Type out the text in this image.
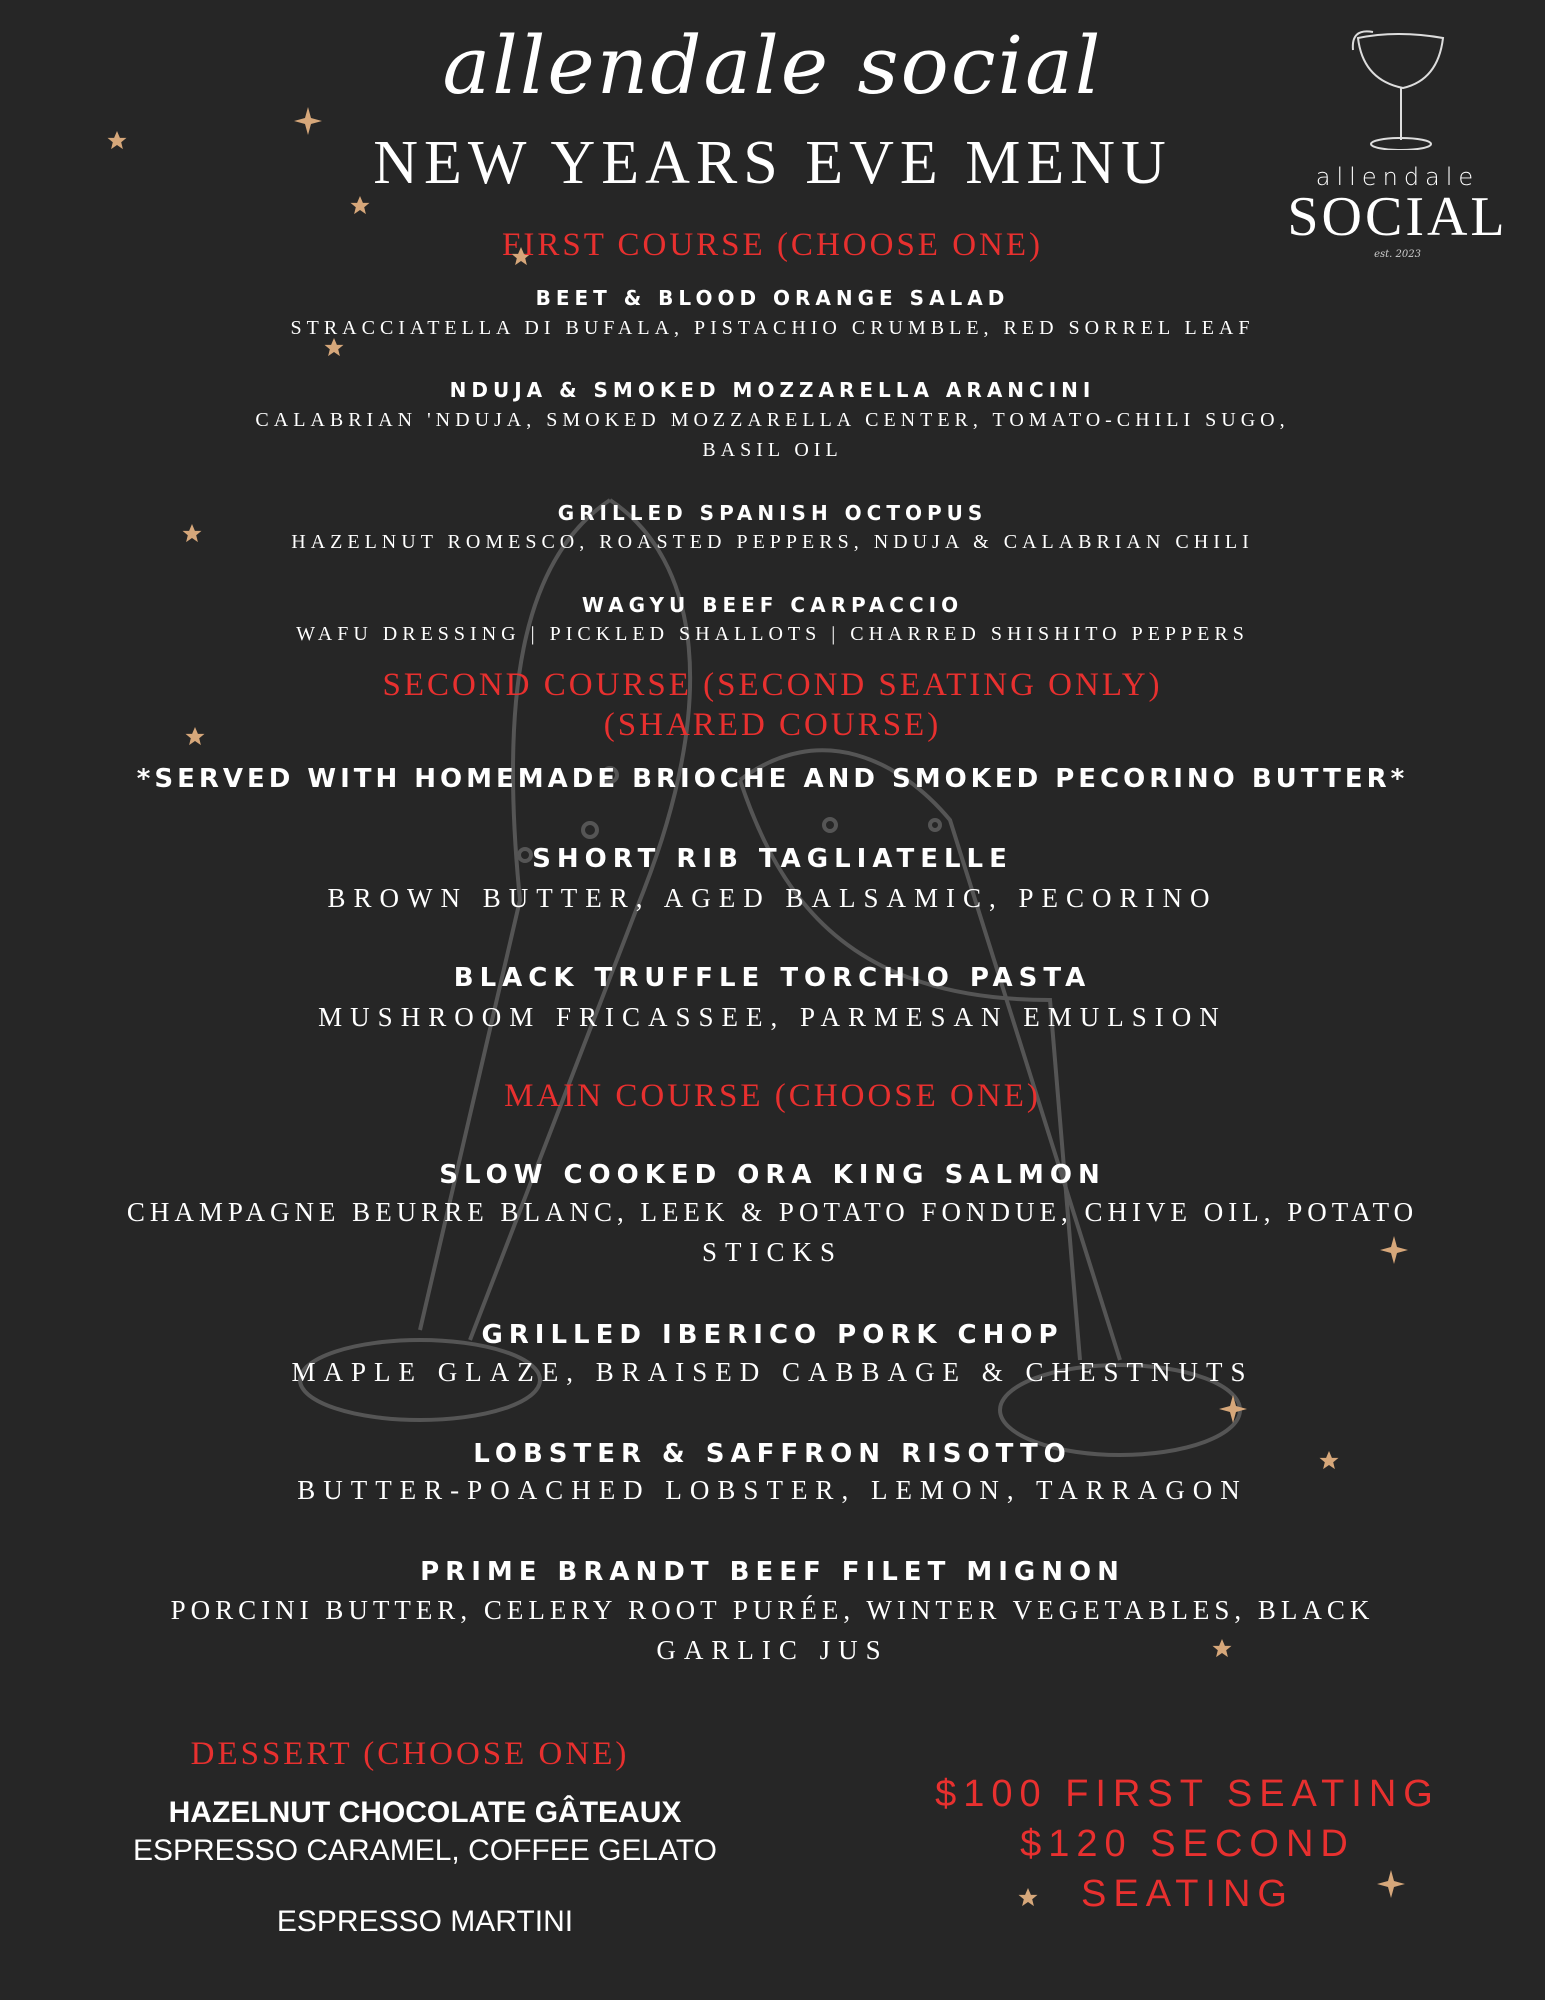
allendale
SOCIAL
est. 2023
allendale social
NEW YEARS EVE MENU
FIRST COURSE (CHOOSE ONE)
BEET & BLOOD ORANGE SALAD
STRACCIATELLA DI BUFALA, PISTACHIO CRUMBLE, RED SORREL LEAF
NDUJA & SMOKED MOZZARELLA ARANCINI
CALABRIAN 'NDUJA, SMOKED MOZZARELLA CENTER, TOMATO-CHILI SUGO,
BASIL OIL
GRILLED SPANISH OCTOPUS
HAZELNUT ROMESCO, ROASTED PEPPERS, NDUJA & CALABRIAN CHILI
WAGYU BEEF CARPACCIO
WAFU DRESSING | PICKLED SHALLOTS | CHARRED SHISHITO PEPPERS
SECOND COURSE (SECOND SEATING ONLY)
(SHARED COURSE)
*SERVED WITH HOMEMADE BRIOCHE AND SMOKED PECORINO BUTTER*
SHORT RIB TAGLIATELLE
BROWN BUTTER, AGED BALSAMIC, PECORINO
BLACK TRUFFLE TORCHIO PASTA
MUSHROOM FRICASSEE, PARMESAN EMULSION
MAIN COURSE (CHOOSE ONE)
SLOW COOKED ORA KING SALMON
CHAMPAGNE BEURRE BLANC, LEEK & POTATO FONDUE, CHIVE OIL, POTATO
STICKS
GRILLED IBERICO PORK CHOP
MAPLE GLAZE, BRAISED CABBAGE & CHESTNUTS
LOBSTER & SAFFRON RISOTTO
BUTTER-POACHED LOBSTER, LEMON, TARRAGON
PRIME BRANDT BEEF FILET MIGNON
PORCINI BUTTER, CELERY ROOT PURÉE, WINTER VEGETABLES, BLACK
GARLIC JUS
DESSERT (CHOOSE ONE)
HAZELNUT CHOCOLATE GÂTEAUX
ESPRESSO CARAMEL, COFFEE GELATO
ESPRESSO MARTINI
$100 FIRST SEATING
$120 SECOND
SEATING
